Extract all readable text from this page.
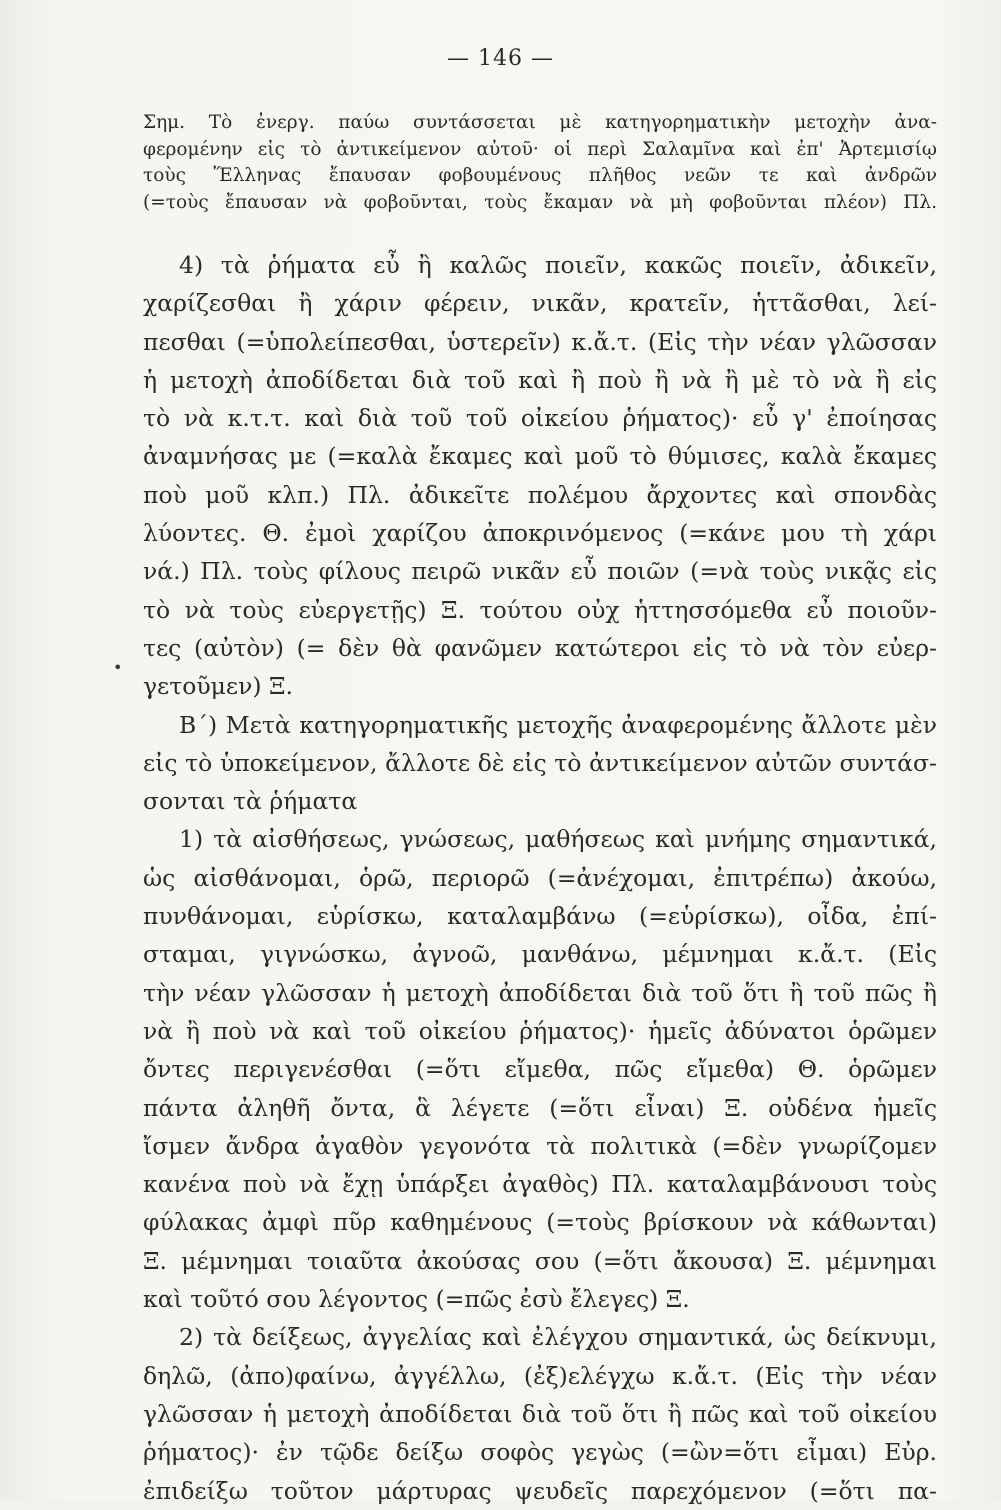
— 146 —
Σημ. Τὸ ἐνεργ. παύω συντάσσεται μὲ κατηγορηματικὴν μετοχὴν ἀνα-
φερομένην εἰς τὸ ἀντικείμενον αὐτοῦ· οἱ περὶ Σαλαμῖνα καὶ ἐπ' Ἀρτεμισίῳ
τοὺς Ἕλληνας ἔπαυσαν φοβουμένους πλῆθος νεῶν τε καὶ ἀνδρῶν
(=τοὺς ἔπαυσαν νὰ φοβοῦνται, τοὺς ἔκαμαν νὰ μὴ φοβοῦνται πλέον) Πλ.
•
4) τὰ ῥήματα εὖ ἢ καλῶς ποιεῖν, κακῶς ποιεῖν, ἀδικεῖν,
χαρίζεσθαι ἢ χάριν φέρειν, νικᾶν, κρατεῖν, ἡττᾶσθαι, λεί-
πεσθαι (=ὑπολείπεσθαι, ὑστερεῖν) κ.ἄ.τ. (Εἰς τὴν νέαν γλῶσσαν
ἡ μετοχὴ ἀποδίδεται διὰ τοῦ καὶ ἢ ποὺ ἢ νὰ ἢ μὲ τὸ νὰ ἢ εἰς
τὸ νὰ κ.τ.τ. καὶ διὰ τοῦ τοῦ οἰκείου ῥήματος)· εὖ γ' ἐποίησας
ἀναμνήσας με (=καλὰ ἔκαμες καὶ μοῦ τὸ θύμισες, καλὰ ἔκαμες
ποὺ μοῦ κλπ.) Πλ. ἀδικεῖτε πολέμου ἄρχοντες καὶ σπονδὰς
λύοντες. Θ. ἐμοὶ χαρίζου ἀποκρινόμενος (=κάνε μου τὴ χάρι
νά.) Πλ. τοὺς φίλους πειρῶ νικᾶν εὖ ποιῶν (=νὰ τοὺς νικᾷς εἰς
τὸ νὰ τοὺς εὐεργετῇς) Ξ. τούτου οὐχ ἡττησσόμεθα εὖ ποιοῦν-
τες (αὐτὸν) (= δὲν θὰ φανῶμεν κατώτεροι εἰς τὸ νὰ τὸν εὐερ-
γετοῦμεν) Ξ.
Β΄) Μετὰ κατηγορηματικῆς μετοχῆς ἀναφερομένης ἄλλοτε μὲν
εἰς τὸ ὑποκείμενον, ἄλλοτε δὲ εἰς τὸ ἀντικείμενον αὐτῶν συντάσ-
σονται τὰ ῥήματα
1) τὰ αἰσθήσεως, γνώσεως, μαθήσεως καὶ μνήμης σημαντικά,
ὡς αἰσθάνομαι, ὁρῶ, περιορῶ (=ἀνέχομαι, ἐπιτρέπω) ἀκούω,
πυνθάνομαι, εὑρίσκω, καταλαμβάνω (=εὑρίσκω), οἶδα, ἐπί-
σταμαι, γιγνώσκω, ἀγνοῶ, μανθάνω, μέμνημαι κ.ἄ.τ. (Εἰς
τὴν νέαν γλῶσσαν ἡ μετοχὴ ἀποδίδεται διὰ τοῦ ὅτι ἢ τοῦ πῶς ἢ
νὰ ἢ ποὺ νὰ καὶ τοῦ οἰκείου ῥήματος)· ἡμεῖς ἀδύνατοι ὁρῶμεν
ὄντες περιγενέσθαι (=ὅτι εἴμεθα, πῶς εἴμεθα) Θ. ὁρῶμεν
πάντα ἀληθῆ ὄντα, ἃ λέγετε (=ὅτι εἶναι) Ξ. οὐδένα ἡμεῖς
ἴσμεν ἄνδρα ἀγαθὸν γεγονότα τὰ πολιτικὰ (=δὲν γνωρίζομεν
κανένα ποὺ νὰ ἔχῃ ὑπάρξει ἀγαθὸς) Πλ. καταλαμβάνουσι τοὺς
φύλακας ἀμφὶ πῦρ καθημένους (=τοὺς βρίσκουν νὰ κάθωνται)
Ξ. μέμνημαι τοιαῦτα ἀκούσας σου (=ὅτι ἄκουσα) Ξ. μέμνημαι
καὶ τοῦτό σου λέγοντος (=πῶς ἐσὺ ἔλεγες) Ξ.
2) τὰ δείξεως, ἀγγελίας καὶ ἐλέγχου σημαντικά, ὡς δείκνυμι,
δηλῶ, (ἀπο)φαίνω, ἀγγέλλω, (ἐξ)ελέγχω κ.ἄ.τ. (Εἰς τὴν νέαν
γλῶσσαν ἡ μετοχὴ ἀποδίδεται διὰ τοῦ ὅτι ἢ πῶς καὶ τοῦ οἰκείου
ῥήματος)· ἐν τῷδε δείξω σοφὸς γεγὼς (=ὢν=ὅτι εἶμαι) Εὐρ.
ἐπιδείξω τοῦτον μάρτυρας ψευδεῖς παρεχόμενον (=ὅτι πα-
